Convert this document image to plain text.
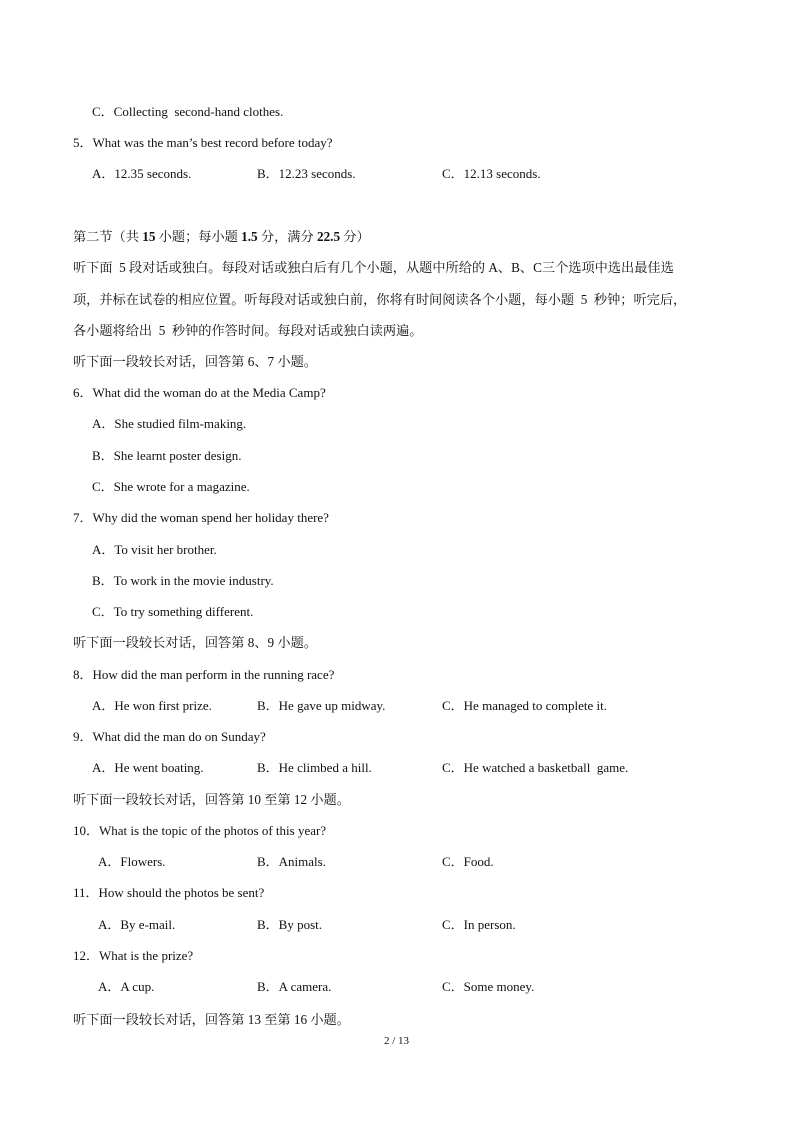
C．Collecting  second-hand clothes.
5．What was the man’s best record before today?
A．12.35 seconds.	B．12.23 seconds.	C．12.13 seconds.
第二节（共 15 小题；每小题 1.5 分，满分 22.5 分）
听下面  5 段对话或独白。每段对话或独白后有几个小题，从题中所给的 A、B、C三个选项中选出最佳选
项，并标在试卷的相应位置。听每段对话或独白前，你将有时间阅读各个小题，每小题  5  秒钟；听完后，
各小题将给出  5  秒钟的作答时间。每段对话或独白读两遍。
听下面一段较长对话，回答第 6、7 小题。
6．What did the woman do at the Media Camp?
A．She studied film-making.
B．She learnt poster design.
C．She wrote for a magazine.
7．Why did the woman spend her holiday there?
A．To visit her brother.
B．To work in the movie industry.
C．To try something different.
听下面一段较长对话，回答第 8、9 小题。
8．How did the man perform in the running race?
A．He won first prize.	B．He gave up midway.	C．He managed to complete it.
9．What did the man do on Sunday?
A．He went boating.	B．He climbed a hill.	C．He watched a basketball  game.
听下面一段较长对话，回答第 10 至第 12 小题。
10．What is the topic of the photos of this year?
A．Flowers.	B．Animals.	C．Food.
11．How should the photos be sent?
A．By e-mail.	B．By post.	C．In person.
12．What is the prize?
A．A cup.	B．A camera.	C．Some money.
听下面一段较长对话，回答第 13 至第 16 小题。
2 / 13
